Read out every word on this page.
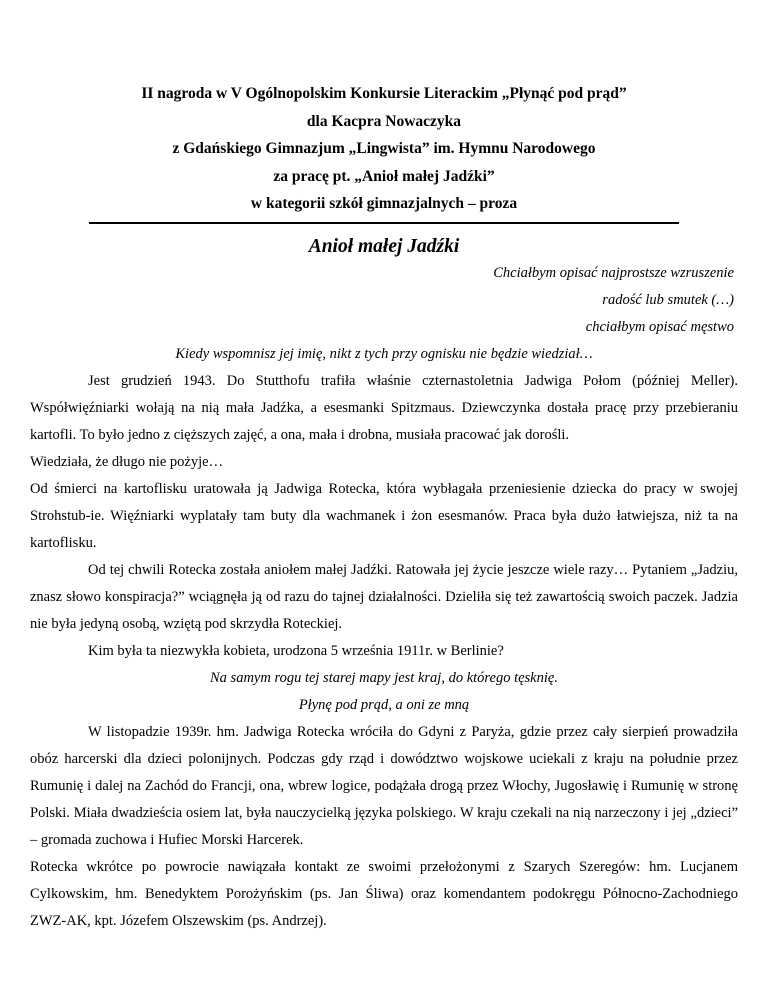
II nagroda w V Ogólnopolskim Konkursie Literackim „Płynąć pod prąd”

dla Kacpra Nowaczyka

z Gdańskiego Gimnazjum „Lingwista” im. Hymnu Narodowego

za pracę pt. „Anioł małej Jadźki”

w kategorii szkół gimnazjalnych – proza

Anioł małej Jadźki

Chciałbym opisać najprostsze wzruszenie

radość lub smutek (…)

chciałbym opisać męstwo

Kiedy wspomnisz jej imię, nikt z tych przy ognisku nie będzie wiedział…

Jest grudzień 1943. Do Stutthofu trafiła właśnie czternastoletnia Jadwiga Połom (później Meller). Współwięźniarki wołają na nią mała Jadźka, a esesmanki Spitzmaus. Dziewczynka dostała pracę przy przebieraniu kartofli. To było jedno z cięższych zajęć, a ona, mała i drobna, musiała pracować jak dorośli.

Wiedziała, że długo nie pożyje…

Od śmierci na kartoflisku uratowała ją Jadwiga Rotecka, która wybłagała przeniesienie dziecka do pracy w swojej Strohstub-ie. Więźniarki wyplatały tam buty dla wachmanek i żon esesmanów. Praca była dużo łatwiejsza, niż ta na kartoflisku.

Od tej chwili Rotecka została aniołem małej Jadźki. Ratowała jej życie jeszcze wiele razy… Pytaniem „Jadziu, znasz słowo konspiracja?” wciągnęła ją od razu do tajnej działalności. Dzieliła się też zawartością swoich paczek. Jadzia nie była jedyną osobą, wziętą pod skrzydła Roteckiej.

Kim była ta niezwykła kobieta, urodzona 5 września 1911r. w Berlinie?

Na samym rogu tej starej mapy jest kraj, do którego tęsknię.

Płynę pod prąd, a oni ze mną

W listopadzie 1939r. hm. Jadwiga Rotecka wróciła do Gdyni z Paryża, gdzie przez cały sierpień prowadziła obóz harcerski dla dzieci polonijnych. Podczas gdy rząd i dowództwo wojskowe uciekali z kraju na południe przez Rumunię i dalej na Zachód do Francji, ona, wbrew logice, podążała drogą przez Włochy, Jugosławię i Rumunię w stronę Polski. Miała dwadzieścia osiem lat, była nauczycielką języka polskiego. W kraju czekali na nią narzeczony i jej „dzieci” – gromada zuchowa i Hufiec Morski Harcerek.

Rotecka wkrótce po powrocie nawiązała kontakt ze swoimi przełożonymi z Szarych Szeregów: hm. Lucjanem Cylkowskim, hm. Benedyktem Porożyńskim (ps. Jan Śliwa) oraz komendantem podokręgu Północno-Zachodniego ZWZ-AK, kpt. Józefem Olszewskim (ps. Andrzej).
